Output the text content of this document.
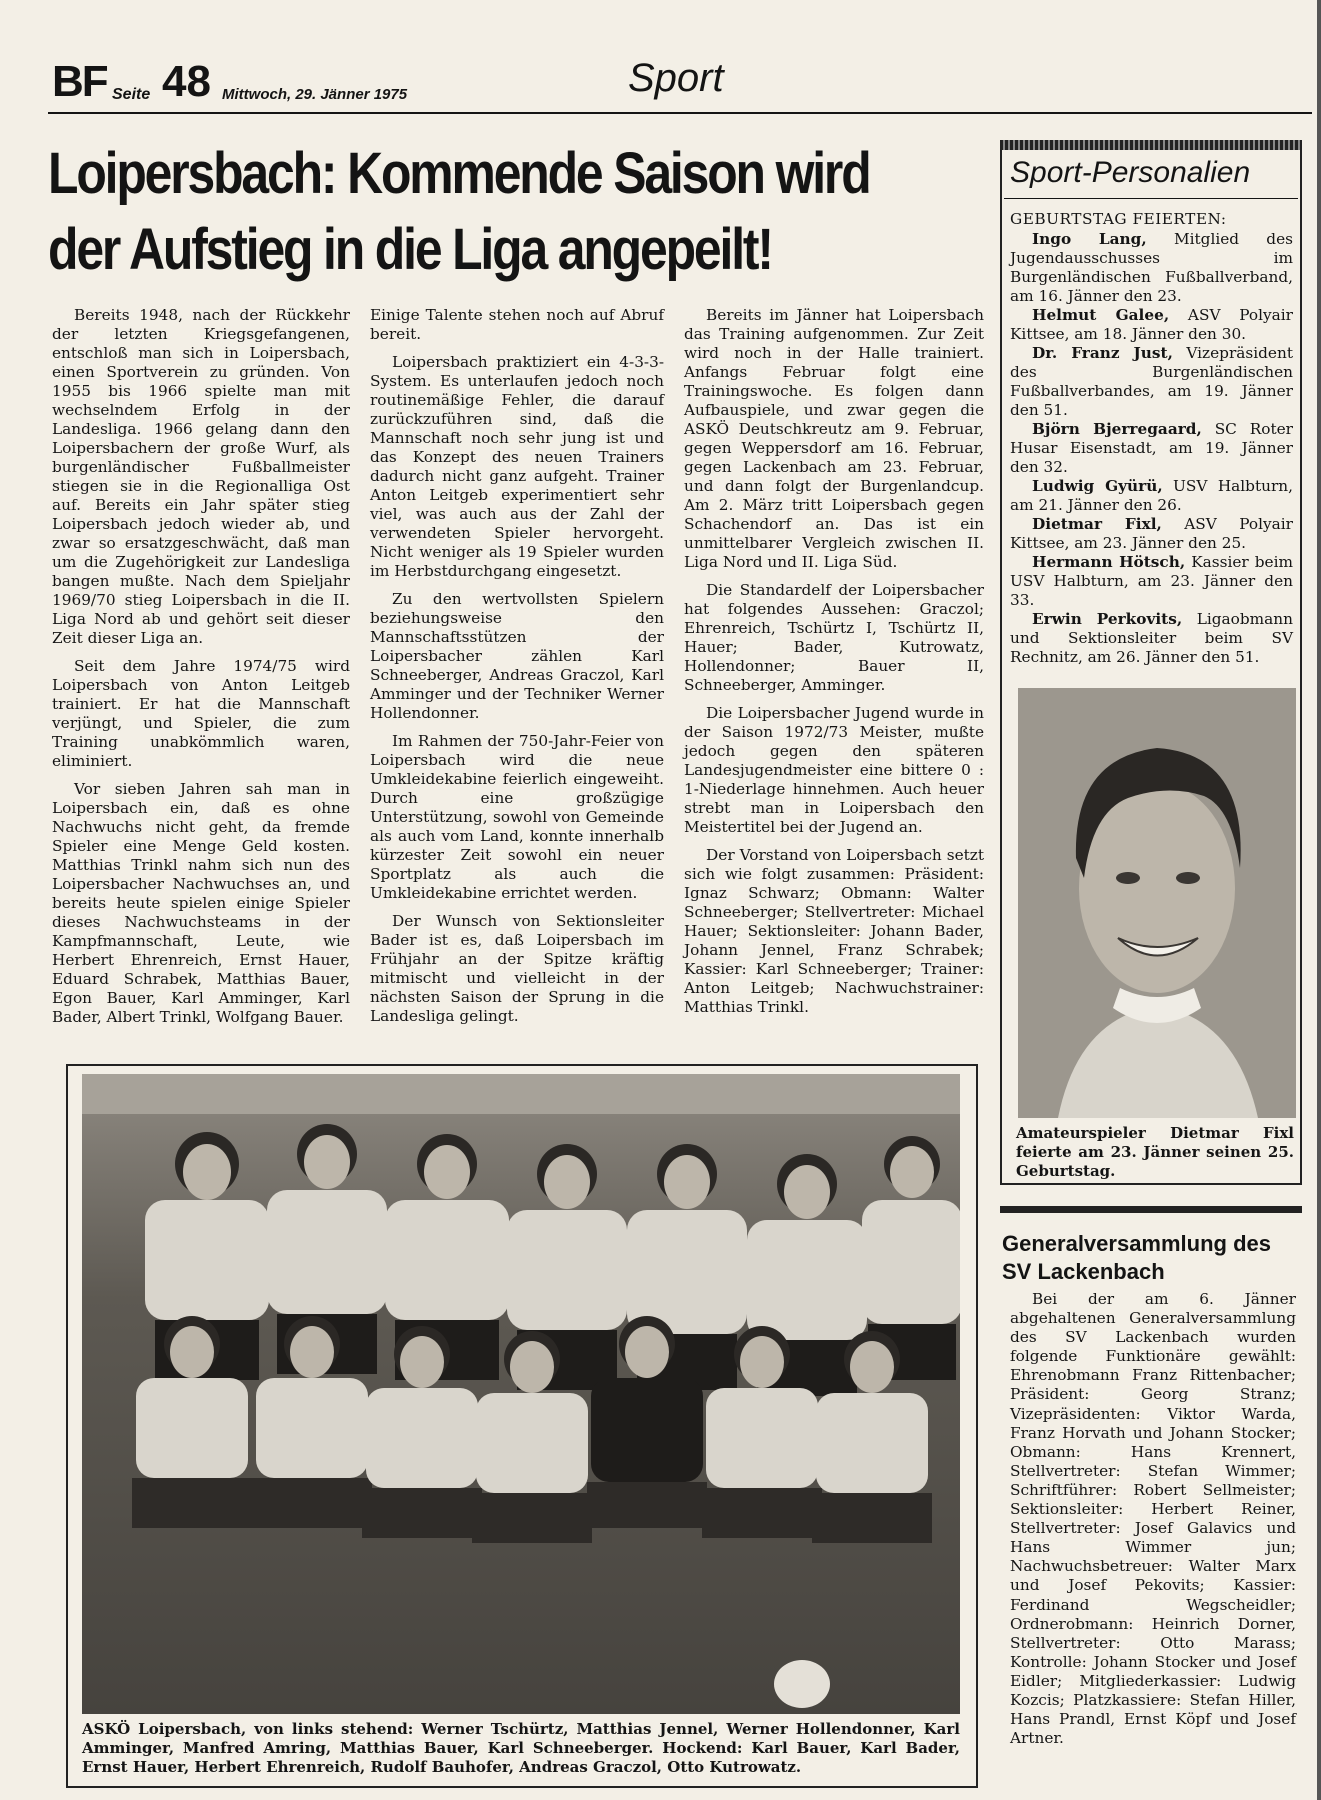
BF Seite 48 Mittwoch, 29. Jänner 1975	Sport
Loipersbach: Kommende Saison wird
der Aufstieg in die Liga angepeilt!

Bereits 1948, nach der Rückkehr der letzten Kriegsgefangenen, entschloß man sich in Loipersbach, einen Sportverein zu gründen. Von 1955 bis 1966 spielte man mit wechselndem Erfolg in der Landesliga. 1966 gelang dann den Loipersbachern der große Wurf, als burgenländischer Fußballmeister stiegen sie in die Regionalliga Ost auf. Bereits ein Jahr später stieg Loipersbach jedoch wieder ab, und zwar so ersatzgeschwächt, daß man um die Zugehörigkeit zur Landesliga bangen mußte. Nach dem Spieljahr 1969/70 stieg Loipersbach in die II. Liga Nord ab und gehört seit dieser Zeit dieser Liga an.

Seit dem Jahre 1974/75 wird Loipersbach von Anton Leitgeb trainiert. Er hat die Mannschaft verjüngt, und Spieler, die zum Training unabkömmlich waren, eliminiert.

Vor sieben Jahren sah man in Loipersbach ein, daß es ohne Nachwuchs nicht geht, da fremde Spieler eine Menge Geld kosten. Matthias Trinkl nahm sich nun des Loipersbacher Nachwuchses an, und bereits heute spielen einige Spieler dieses Nachwuchsteams in der Kampfmannschaft, Leute, wie Herbert Ehrenreich, Ernst Hauer, Eduard Schrabek, Matthias Bauer, Egon Bauer, Karl Amminger, Karl Bader, Albert Trinkl, Wolfgang Bauer.

Einige Talente stehen noch auf Abruf bereit.

Loipersbach praktiziert ein 4-3-3-System. Es unterlaufen jedoch noch routinemäßige Fehler, die darauf zurückzuführen sind, daß die Mannschaft noch sehr jung ist und das Konzept des neuen Trainers dadurch nicht ganz aufgeht. Trainer Anton Leitgeb experimentiert sehr viel, was auch aus der Zahl der verwendeten Spieler hervorgeht. Nicht weniger als 19 Spieler wurden im Herbstdurchgang eingesetzt.

Zu den wertvollsten Spielern beziehungsweise den Mannschaftsstützen der Loipersbacher zählen Karl Schneeberger, Andreas Graczol, Karl Amminger und der Techniker Werner Hollendonner.

Im Rahmen der 750-Jahr-Feier von Loipersbach wird die neue Umkleidekabine feierlich eingeweiht. Durch eine großzügige Unterstützung, sowohl von Gemeinde als auch vom Land, konnte innerhalb kürzester Zeit sowohl ein neuer Sportplatz als auch die Umkleidekabine errichtet werden.

Der Wunsch von Sektionsleiter Bader ist es, daß Loipersbach im Frühjahr an der Spitze kräftig mitmischt und vielleicht in der nächsten Saison der Sprung in die Landesliga gelingt.

Bereits im Jänner hat Loipersbach das Training aufgenommen. Zur Zeit wird noch in der Halle trainiert. Anfangs Februar folgt eine Trainingswoche. Es folgen dann Aufbauspiele, und zwar gegen die ASKÖ Deutschkreutz am 9. Februar, gegen Weppersdorf am 16. Februar, gegen Lackenbach am 23. Februar, und dann folgt der Burgenlandcup. Am 2. März tritt Loipersbach gegen Schachendorf an. Das ist ein unmittelbarer Vergleich zwischen II. Liga Nord und II. Liga Süd.

Die Standardelf der Loipersbacher hat folgendes Aussehen: Graczol; Ehrenreich, Tschürtz I, Tschürtz II, Hauer; Bader, Kutrowatz, Hollendonner; Bauer II, Schneeberger, Amminger.

Die Loipersbacher Jugend wurde in der Saison 1972/73 Meister, mußte jedoch gegen den späteren Landesjugendmeister eine bittere 0 : 1-Niederlage hinnehmen. Auch heuer strebt man in Loipersbach den Meistertitel bei der Jugend an.

Der Vorstand von Loipersbach setzt sich wie folgt zusammen: Präsident: Ignaz Schwarz; Obmann: Walter Schneeberger; Stellvertreter: Michael Hauer; Sektionsleiter: Johann Bader, Johann Jennel, Franz Schrabek; Kassier: Karl Schneeberger; Trainer: Anton Leitgeb; Nachwuchstrainer: Matthias Trinkl.

Sport-Personalien

GEBURTSTAG FEIERTEN:

Ingo Lang, Mitglied des Jugendausschusses im Burgenländischen Fußballverband, am 16. Jänner den 23.

Helmut Galee, ASV Polyair Kittsee, am 18. Jänner den 30.

Dr. Franz Just, Vizepräsident des Burgenländischen Fußballverbandes, am 19. Jänner den 51.

Björn Bjerregaard, SC Roter Husar Eisenstadt, am 19. Jänner den 32.

Ludwig Gyürü, USV Halbturn, am 21. Jänner den 26.

Dietmar Fixl, ASV Polyair Kittsee, am 23. Jänner den 25.

Hermann Hötsch, Kassier beim USV Halbturn, am 23. Jänner den 33.

Erwin Perkovits, Ligaobmann und Sektionsleiter beim SV Rechnitz, am 26. Jänner den 51.

Amateurspieler Dietmar Fixl feierte am 23. Jänner seinen 25. Geburtstag.
Generalversammlung des SV Lackenbach

Bei der am 6. Jänner abgehaltenen Generalversammlung des SV Lackenbach wurden folgende Funktionäre gewählt: Ehrenobmann Franz Rittenbacher; Präsident: Georg Stranz; Vizepräsidenten: Viktor Warda, Franz Horvath und Johann Stocker; Obmann: Hans Krennert, Stellvertreter: Stefan Wimmer; Schriftführer: Robert Sellmeister; Sektionsleiter: Herbert Reiner, Stellvertreter: Josef Galavics und Hans Wimmer jun; Nachwuchsbetreuer: Walter Marx und Josef Pekovits; Kassier: Ferdinand Wegscheidler; Ordnerobmann: Heinrich Dorner, Stellvertreter: Otto Marass; Kontrolle: Johann Stocker und Josef Eidler; Mitgliederkassier: Ludwig Kozcis; Platzkassiere: Stefan Hiller, Hans Prandl, Ernst Köpf und Josef Artner.

ASKÖ Loipersbach, von links stehend: Werner Tschürtz, Matthias Jennel, Werner Hollendonner, Karl Amminger, Manfred Amring, Matthias Bauer, Karl Schneeberger. Hockend: Karl Bauer, Karl Bader, Ernst Hauer, Herbert Ehrenreich, Rudolf Bauhofer, Andreas Graczol, Otto Kutrowatz.
